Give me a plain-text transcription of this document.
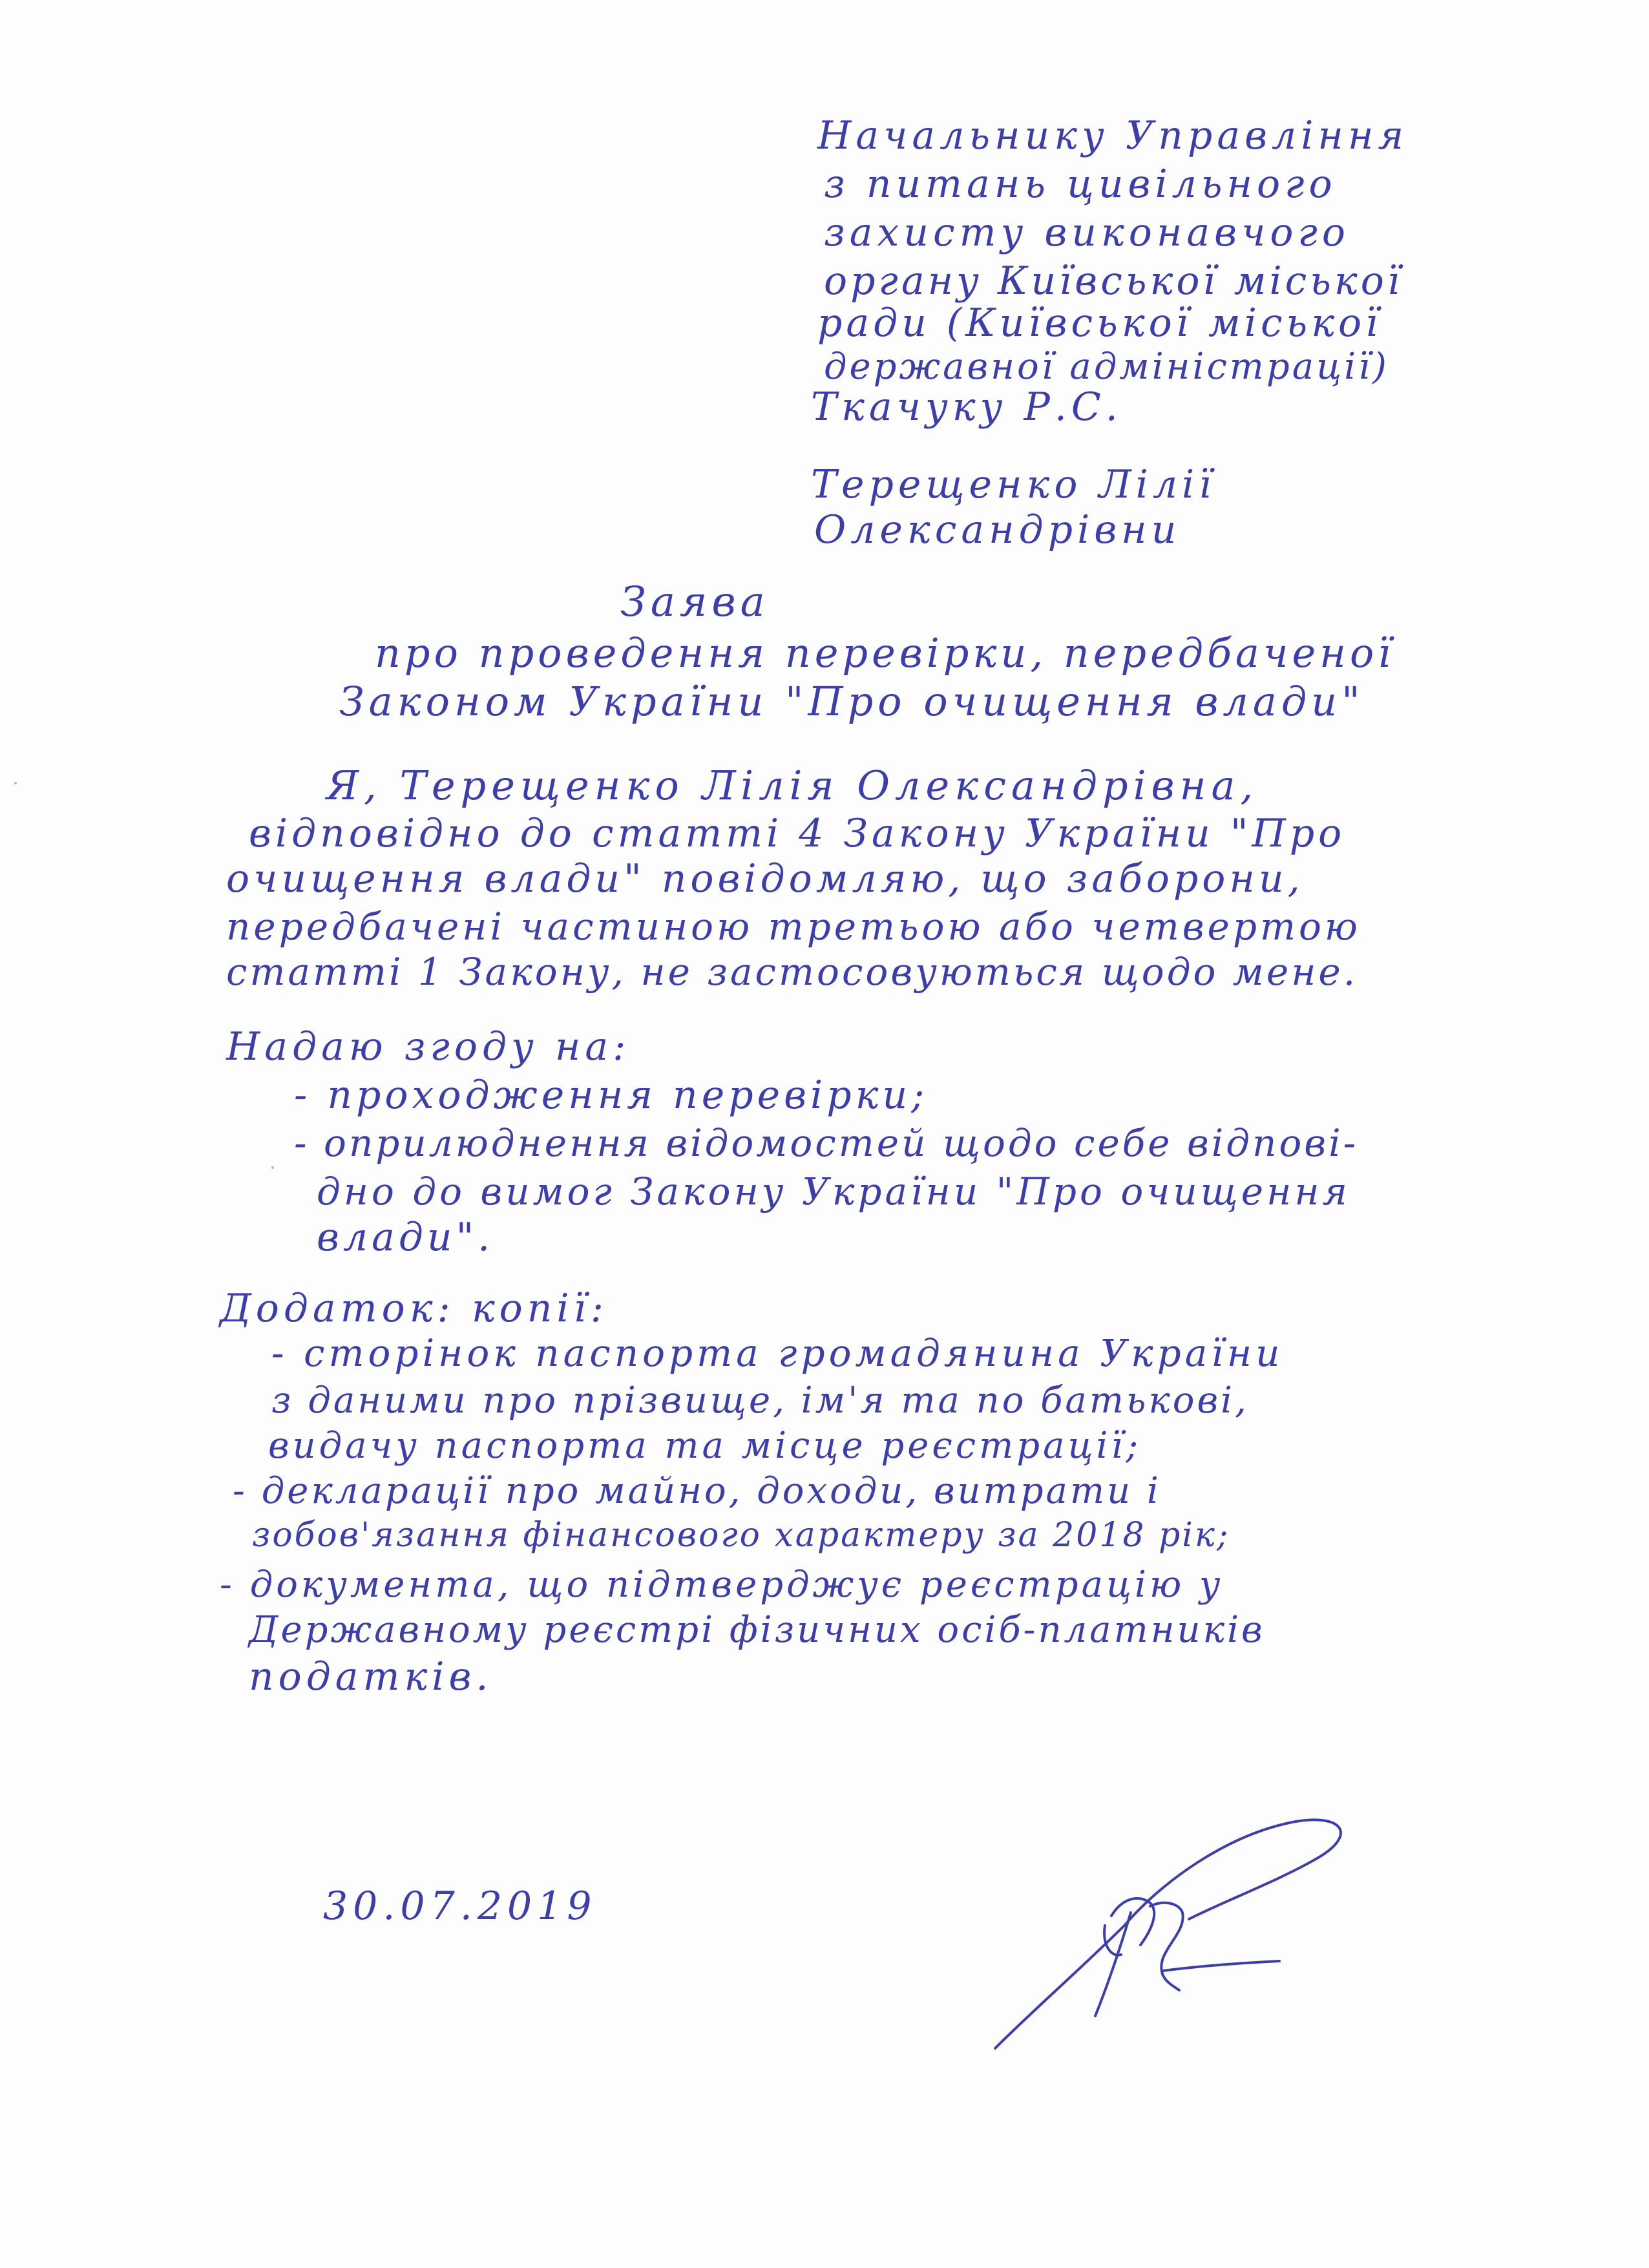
Начальнику Управління
з питань цивільного
захисту виконавчого
органу Київської міської
ради (Київської міської
державної адміністрації)
Ткачуку Р.С.
Терещенко Лілії
Олександрівни
Заява
про проведення перевірки, передбаченої
Законом України "Про очищення влади"
Я, Терещенко Лілія Олександрівна,
відповідно до статті 4 Закону України "Про
очищення влади" повідомляю, що заборони,
передбачені частиною третьою або четвертою
статті 1 Закону, не застосовуються щодо мене.
Надаю згоду на:
- проходження перевірки;
- оприлюднення відомостей щодо себе відпові-
дно до вимог Закону України "Про очищення
влади".
Додаток: копії:
- сторінок паспорта громадянина України
з даними про прізвище, ім'я та по батькові,
видачу паспорта та місце реєстрації;
- декларації про майно, доходи, витрати і
зобов'язання фінансового характеру за 2018 рік;
- документа, що підтверджує реєстрацію у
Державному реєстрі фізичних осіб-платників
податків.
30.07.2019
